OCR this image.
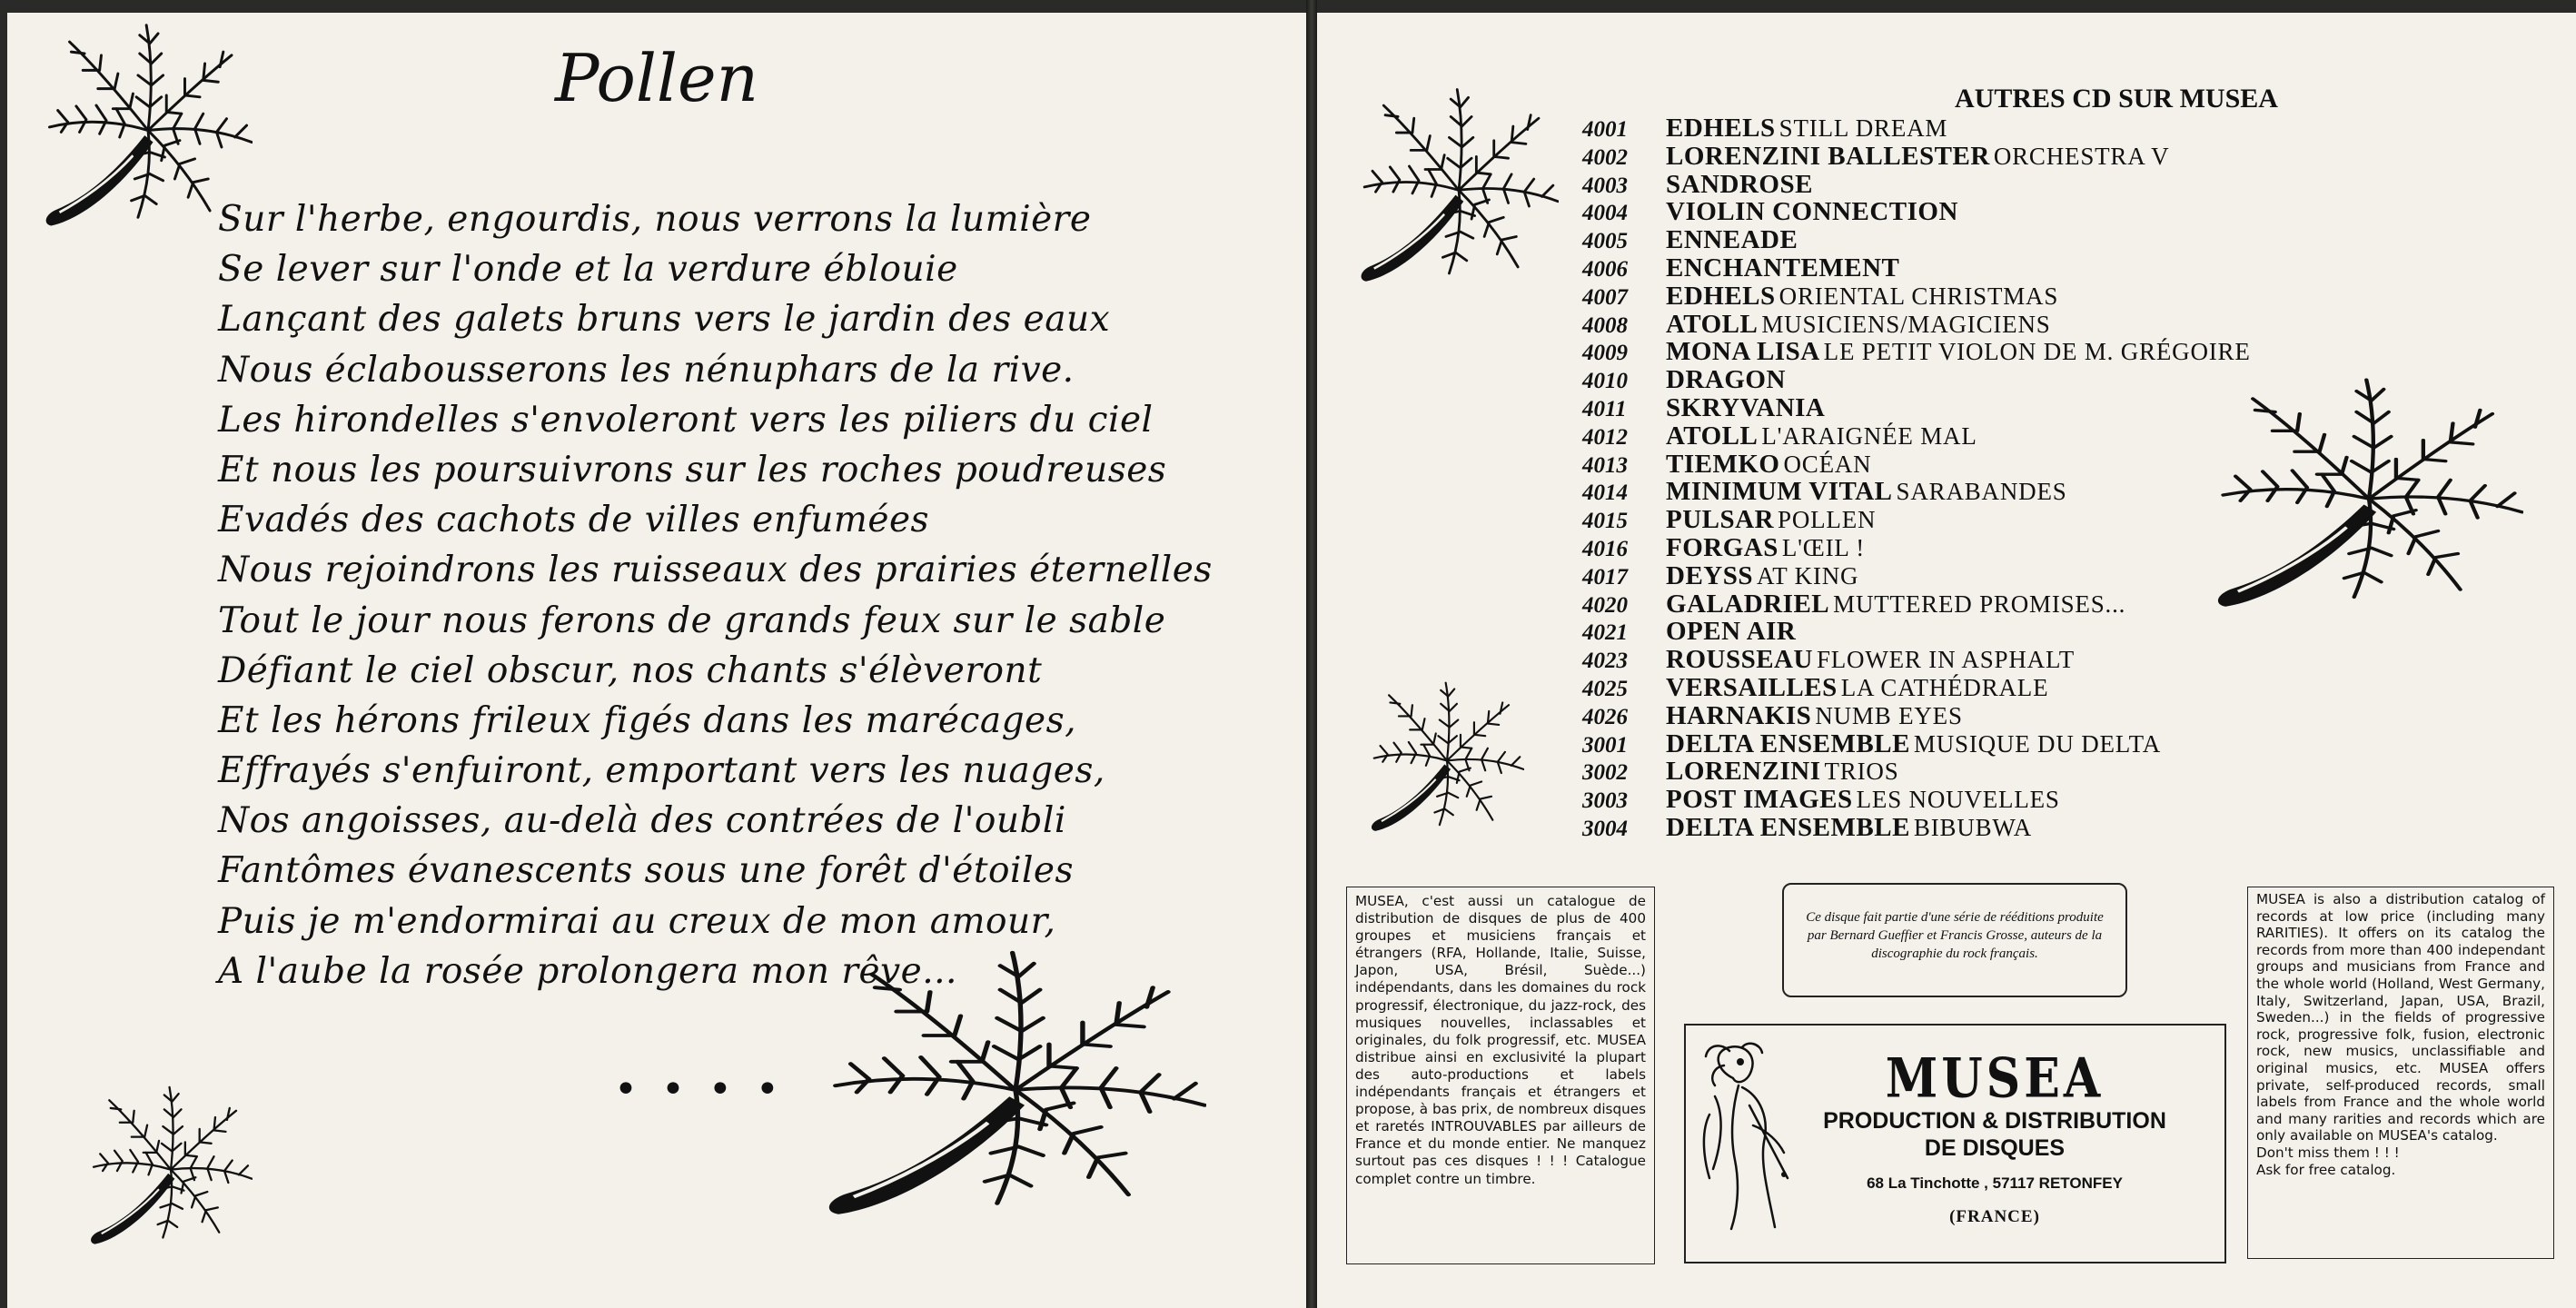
Pollen
Sur l'herbe, engourdis, nous verrons la lumière
Se lever sur l'onde et la verdure éblouie
Lançant des galets bruns vers le jardin des eaux
Nous éclabousserons les nénuphars de la rive.
Les hirondelles s'envoleront vers les piliers du ciel
Et nous les poursuivrons sur les roches poudreuses
Evadés des cachots de villes enfumées
Nous rejoindrons les ruisseaux des prairies éternelles
Tout le jour nous ferons de grands feux sur le sable
Défiant le ciel obscur, nos chants s'élèveront
Et les hérons frileux figés dans les marécages,
Effrayés s'enfuiront, emportant vers les nuages,
Nos angoisses, au-delà des contrées de l'oubli
Fantômes évanescents sous une forêt d'étoiles
Puis je m'endormirai au creux de mon amour,
A l'aube la rosée prolongera mon rêve...
• • • •
AUTRES CD SUR MUSEA
4001 EDHELS STILL DREAM
4002 LORENZINI BALLESTER ORCHESTRA V
4003 SANDROSE
4004 VIOLIN CONNECTION
4005 ENNEADE
4006 ENCHANTEMENT
4007 EDHELS ORIENTAL CHRISTMAS
4008 ATOLL MUSICIENS/MAGICIENS
4009 MONA LISA LE PETIT VIOLON DE M. GRÉGOIRE
4010 DRAGON
4011 SKRYVANIA
4012 ATOLL L'ARAIGNÉE MAL
4013 TIEMKO OCÉAN
4014 MINIMUM VITAL SARABANDES
4015 PULSAR POLLEN
4016 FORGAS L'ŒIL !
4017 DEYSS AT KING
4020 GALADRIEL MUTTERED PROMISES...
4021 OPEN AIR
4023 ROUSSEAU FLOWER IN ASPHALT
4025 VERSAILLES LA CATHÉDRALE
4026 HARNAKIS NUMB EYES
3001 DELTA ENSEMBLE MUSIQUE DU DELTA
3002 LORENZINI TRIOS
3003 POST IMAGES LES NOUVELLES
3004 DELTA ENSEMBLE BIBUBWA
MUSEA, c'est aussi un catalogue de distribution de disques de plus de 400 groupes et musiciens français et étrangers (RFA, Hollande, Italie, Suisse, Japon, USA, Brésil, Suède...) indépendants, dans les domaines du rock progressif, électronique, du jazz-rock, des musiques nouvelles, inclassables et originales, du folk progressif, etc. MUSEA distribue ainsi en exclusivité la plupart des auto-productions et labels indépendants français et étrangers et propose, à bas prix, de nombreux disques et raretés INTROUVABLES par ailleurs de France et du monde entier. Ne manquez surtout pas ces disques ! ! ! Catalogue complet contre un timbre.
Ce disque fait partie d'une série de rééditions produite par Bernard Gueffier et Francis Grosse, auteurs de la discographie du rock français.
MUSEA
PRODUCTION & DISTRIBUTION
DE DISQUES
68 La Tinchotte , 57117 RETONFEY
(FRANCE)
MUSEA is also a distribution catalog of records at low price (including many RARITIES). It offers on its catalog the records from more than 400 independant groups and musicians from France and the whole world (Holland, West Germany, Italy, Switzerland, Japan, USA, Brazil, Sweden...) in the fields of progressive rock, progressive folk, fusion, electronic rock, new musics, unclassifiable and original musics, etc. MUSEA offers private, self-produced records, small labels from France and the whole world and many rarities and records which are only available on MUSEA's catalog.
Don't miss them ! ! !
Ask for free catalog.
